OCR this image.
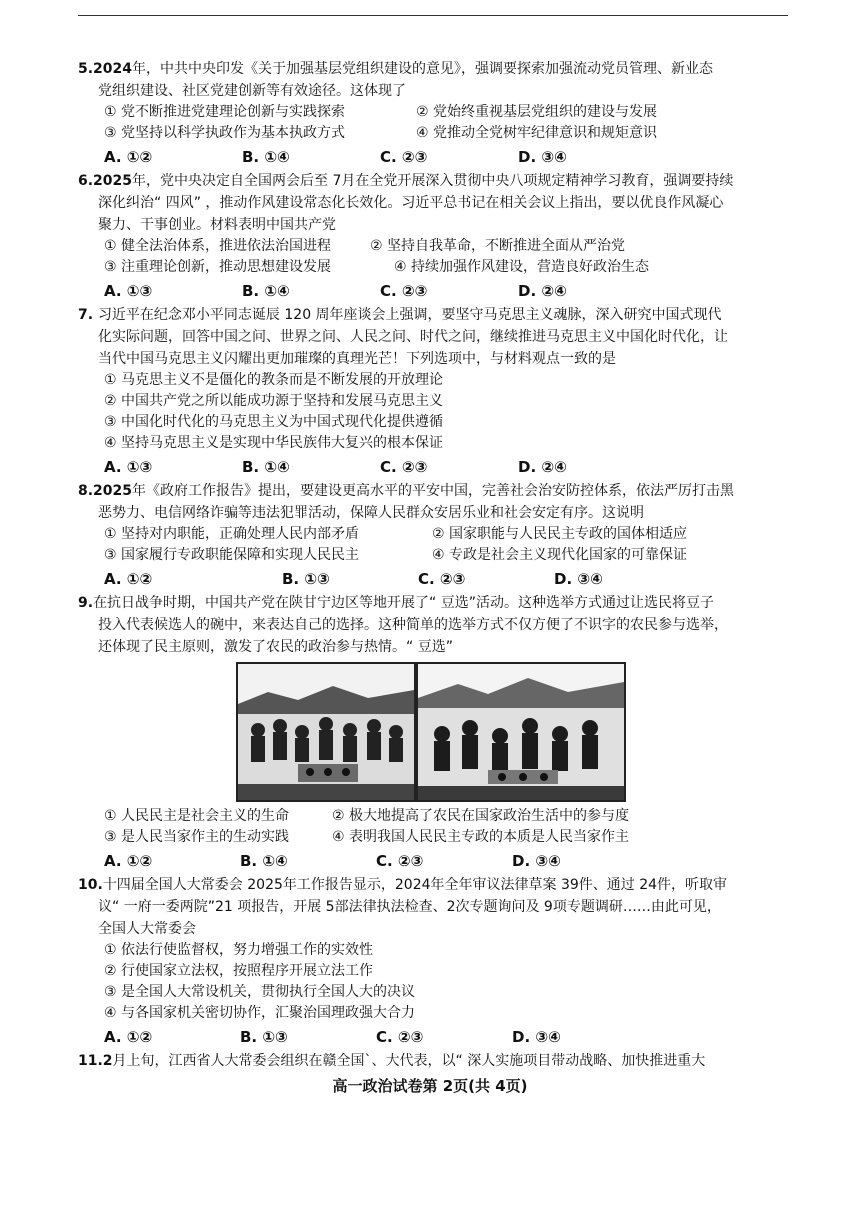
5.2024年，中共中央印发《关于加强基层党组织建设的意见》，强调要探索加强流动党员管理、新业态

党组织建设、社区党建创新等有效途径。这体现了

① 党不断推进党建理论创新与实践探索	② 党始终重视基层党组织的建设与发展
③ 党坚持以科学执政作为基本执政方式	④ 党推动全党树牢纪律意识和规矩意识
A. ①②	B. ①④	C. ②③	D. ③④

6.2025年，党中央决定自全国两会后至 7月在全党开展深入贯彻中央八项规定精神学习教育，强调要持续

深化纠治“ 四风” ，推动作风建设常态化长效化。习近平总书记在相关会议上指出，要以优良作风凝心

聚力、干事创业。材料表明中国共产党

① 健全法治体系，推进依法治国进程	② 坚持自我革命，不断推进全面从严治党
③ 注重理论创新，推动思想建设发展	④ 持续加强作风建设，营造良好政治生态
A. ①③	B. ①④	C. ②③	D. ②④

7. 习近平在纪念邓小平同志诞辰 120 周年座谈会上强调，要坚守马克思主义魂脉，深入研究中国式现代

化实际问题，回答中国之问、世界之问、人民之问、时代之问，继续推进马克思主义中国化时代化，让

当代中国马克思主义闪耀出更加璀璨的真理光芒！下列选项中，与材料观点一致的是

① 马克思主义不是僵化的教条而是不断发展的开放理论
② 中国共产党之所以能成功源于坚持和发展马克思主义
③ 中国化时代化的马克思主义为中国式现代化提供遵循
④ 坚持马克思主义是实现中华民族伟大复兴的根本保证
A. ①③	B. ①④	C. ②③	D. ②④

8.2025年《政府工作报告》提出，要建设更高水平的平安中国，完善社会治安防控体系，依法严厉打击黑

恶势力、电信网络诈骗等违法犯罪活动，保障人民群众安居乐业和社会安定有序。这说明

① 坚持对内职能，正确处理人民内部矛盾	② 国家职能与人民民主专政的国体相适应
③ 国家履行专政职能保障和实现人民民主	④ 专政是社会主义现代化国家的可靠保证
A. ①②	B. ①③	C. ②③	D. ③④

9.在抗日战争时期，中国共产党在陕甘宁边区等地开展了“ 豆选”活动。这种选举方式通过让选民将豆子

投入代表候选人的碗中，来表达自己的选择。这种简单的选举方式不仅方便了不识字的农民参与选举，

还体现了民主原则，激发了农民的政治参与热情。“ 豆选”

① 人民民主是社会主义的生命	② 极大地提高了农民在国家政治生活中的参与度
③ 是人民当家作主的生动实践	④ 表明我国人民民主专政的本质是人民当家作主
A. ①②	B. ①④	C. ②③	D. ③④

10.十四届全国人大常委会 2025年工作报告显示，2024年全年审议法律草案 39件、通过 24件，听取审

议“ 一府一委两院”21 项报告，开展 5部法律执法检查、2次专题询问及 9项专题调研……由此可见，

全国人大常委会

① 依法行使监督权，努力增强工作的实效性
② 行使国家立法权，按照程序开展立法工作
③ 是全国人大常设机关，贯彻执行全国人大的决议
④ 与各国家机关密切协作，汇聚治国理政强大合力
A. ①②	B. ①③	C. ②③	D. ③④

11.2月上旬，江西省人大常委会组织在赣全国`、大代表，以“ 深人实施项目带动战略、加快推进重大

高一政治试卷第 2页(共 4页)
